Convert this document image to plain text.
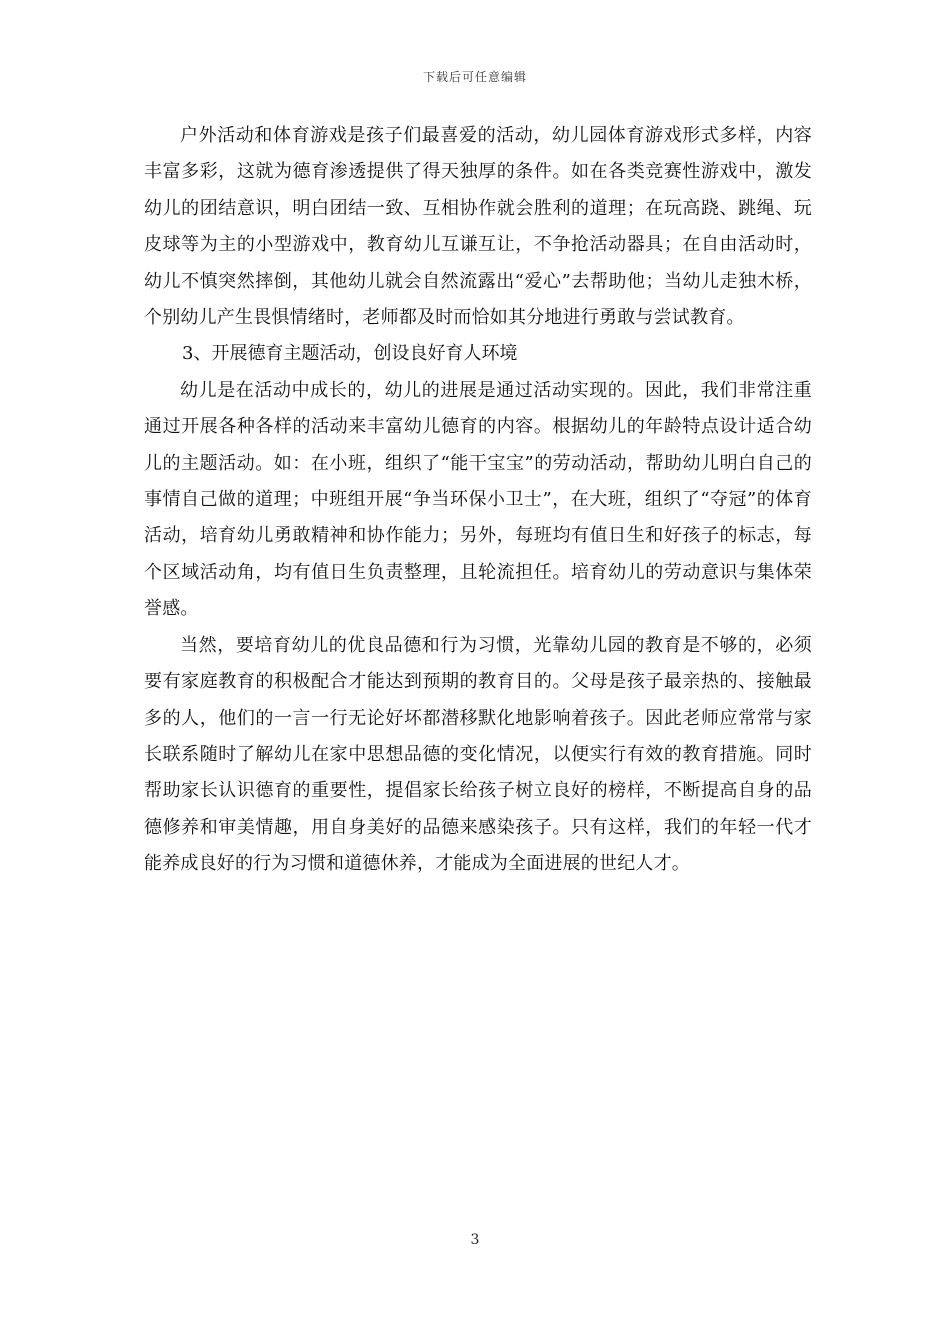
下载后可任意编辑

户外活动和体育游戏是孩子们最喜爱的活动，幼儿园体育游戏形式多样，内容丰富多彩，这就为德育渗透提供了得天独厚的条件。如在各类竞赛性游戏中，激发幼儿的团结意识，明白团结一致、互相协作就会胜利的道理；在玩高跷、跳绳、玩皮球等为主的小型游戏中，教育幼儿互谦互让，不争抢活动器具；在自由活动时，幼儿不慎突然摔倒，其他幼儿就会自然流露出“爱心”去帮助他；当幼儿走独木桥，个别幼儿产生畏惧情绪时，老师都及时而恰如其分地进行勇敢与尝试教育。

3、开展德育主题活动，创设良好育人环境

幼儿是在活动中成长的，幼儿的进展是通过活动实现的。因此，我们非常注重通过开展各种各样的活动来丰富幼儿德育的内容。根据幼儿的年龄特点设计适合幼儿的主题活动。如：在小班，组织了“能干宝宝”的劳动活动，帮助幼儿明白自己的事情自己做的道理；中班组开展“争当环保小卫士”，在大班，组织了“夺冠”的体育活动，培育幼儿勇敢精神和协作能力；另外，每班均有值日生和好孩子的标志，每个区域活动角，均有值日生负责整理，且轮流担任。培育幼儿的劳动意识与集体荣誉感。

当然，要培育幼儿的优良品德和行为习惯，光靠幼儿园的教育是不够的，必须要有家庭教育的积极配合才能达到预期的教育目的。父母是孩子最亲热的、接触最多的人，他们的一言一行无论好坏都潜移默化地影响着孩子。因此老师应常常与家长联系随时了解幼儿在家中思想品德的变化情况，以便实行有效的教育措施。同时帮助家长认识德育的重要性，提倡家长给孩子树立良好的榜样，不断提高自身的品德修养和审美情趣，用自身美好的品德来感染孩子。只有这样，我们的年轻一代才能养成良好的行为习惯和道德休养，才能成为全面进展的世纪人才。

3
